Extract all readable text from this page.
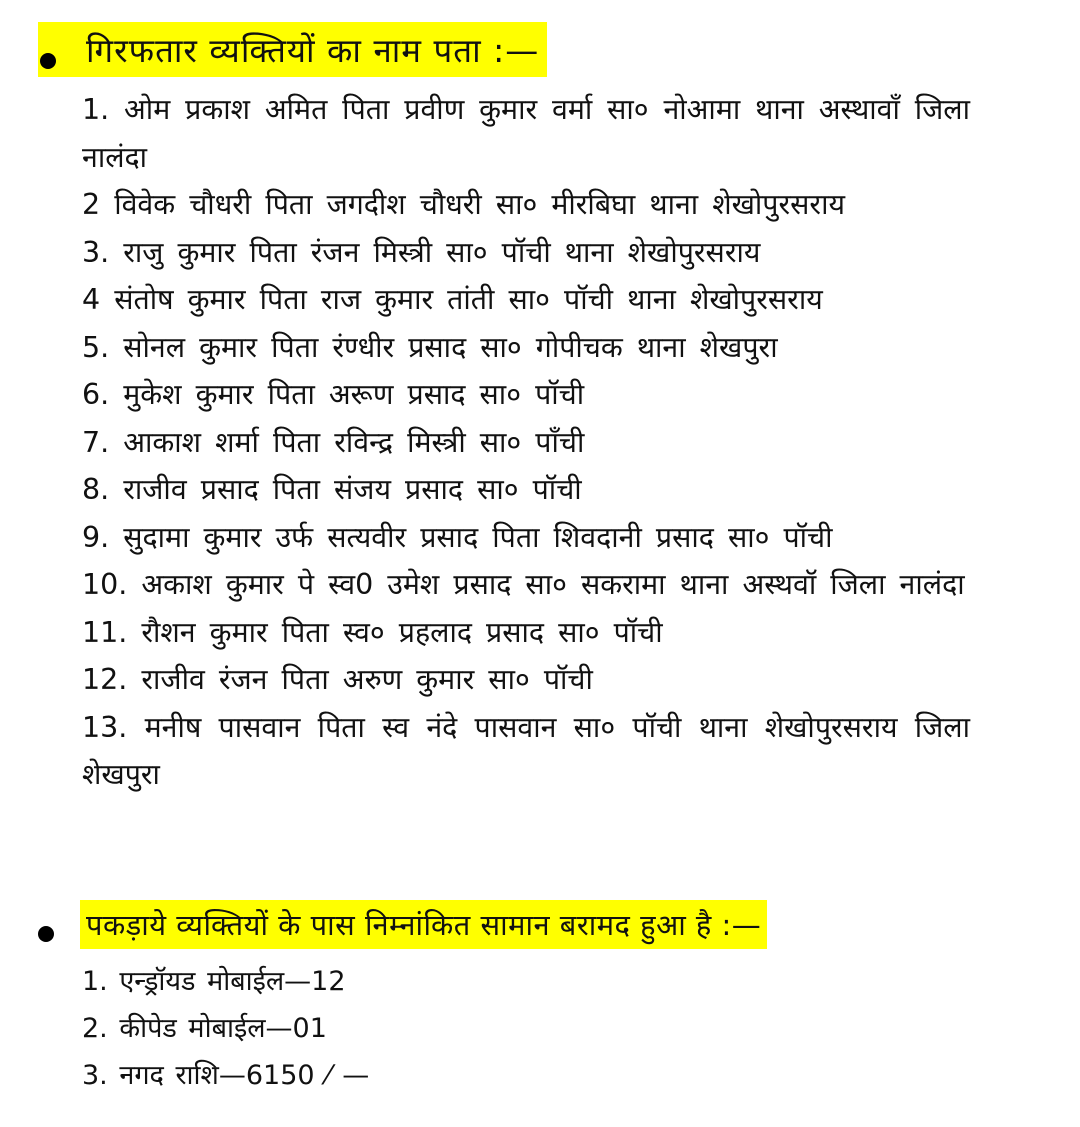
गिरफतार व्यक्तियों का नाम पता :—
1. ओम प्रकाश अमित पिता प्रवीण कुमार वर्मा सा० नोआमा थाना अस्थावाँ जिला नालंदा
2 विवेक चौधरी पिता जगदीश चौधरी सा० मीरबिघा थाना शेखोपुरसराय
3. राजु कुमार पिता रंजन मिस्त्री सा० पॉची थाना शेखोपुरसराय
4 संतोष कुमार पिता राज कुमार तांती सा० पॉची थाना शेखोपुरसराय
5. सोनल कुमार पिता रंण्धीर प्रसाद सा० गोपीचक थाना शेखपुरा
6. मुकेश कुमार पिता अरूण प्रसाद सा० पॉची
7. आकाश शर्मा पिता रविन्द्र मिस्त्री सा० पाँची
8. राजीव प्रसाद पिता संजय प्रसाद सा० पॉची
9. सुदामा कुमार उर्फ सत्यवीर प्रसाद पिता शिवदानी प्रसाद सा० पॉची
10. अकाश कुमार पे स्व0 उमेश प्रसाद सा० सकरामा थाना अस्थवॉ जिला नालंदा
11. रौशन कुमार पिता स्व० प्रहलाद प्रसाद सा० पॉची
12. राजीव रंजन पिता अरुण कुमार सा० पॉची
13. मनीष पासवान पिता स्व नंदे पासवान सा० पॉची थाना शेखोपुरसराय जिला शेखपुरा
पकड़ाये व्यक्तियों के पास निम्नांकित सामान बरामद हुआ है :—
1. एन्ड्रॉयड मोबाईल—12
2. कीपेड मोबाईल—01
3. नगद राशि—6150 ⁄ —
